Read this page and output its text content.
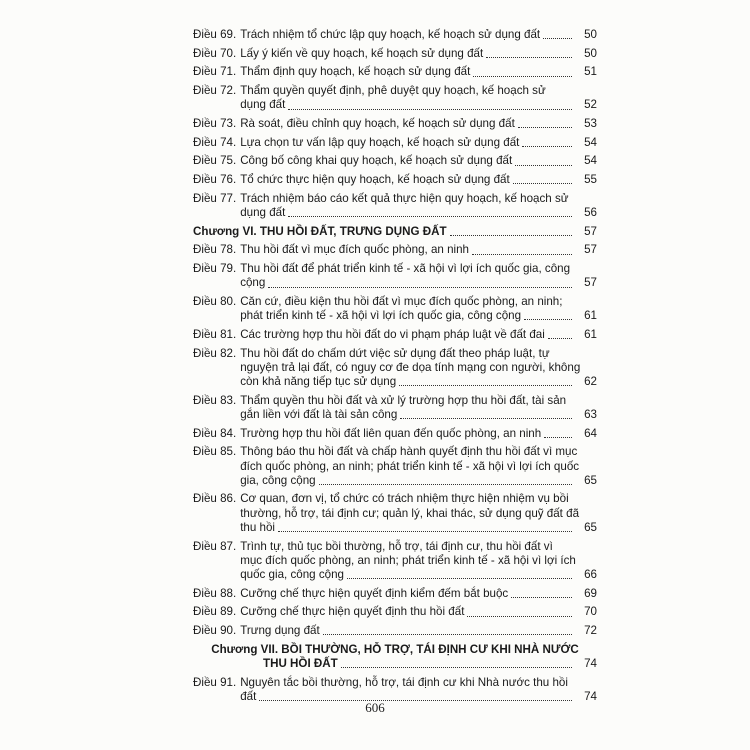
Điều 69. Trách nhiệm tổ chức lập quy hoạch, kế hoạch sử dụng đất	50
Điều 70. Lấy ý kiến về quy hoạch, kế hoạch sử dụng đất	50
Điều 71. Thẩm định quy hoạch, kế hoạch sử dụng đất	51
Điều 72. Thẩm quyền quyết định, phê duyệt quy hoạch, kế hoạch sử
dụng đất	52
Điều 73. Rà soát, điều chỉnh quy hoạch, kế hoạch sử dụng đất	53
Điều 74. Lựa chọn tư vấn lập quy hoạch, kế hoạch sử dụng đất	54
Điều 75. Công bố công khai quy hoạch, kế hoạch sử dụng đất	54
Điều 76. Tổ chức thực hiện quy hoạch, kế hoạch sử dụng đất	55
Điều 77. Trách nhiệm báo cáo kết quả thực hiện quy hoạch, kế hoạch sử
dụng đất	56
Chương VI. THU HỒI ĐẤT, TRƯNG DỤNG ĐẤT	57
Điều 78. Thu hồi đất vì mục đích quốc phòng, an ninh	57
Điều 79. Thu hồi đất để phát triển kinh tế - xã hội vì lợi ích quốc gia, công
cộng	57
Điều 80. Căn cứ, điều kiện thu hồi đất vì mục đích quốc phòng, an ninh;
phát triển kinh tế - xã hội vì lợi ích quốc gia, công cộng	61
Điều 81. Các trường hợp thu hồi đất do vi phạm pháp luật về đất đai	61
Điều 82. Thu hồi đất do chấm dứt việc sử dụng đất theo pháp luật, tự
nguyện trả lại đất, có nguy cơ đe dọa tính mạng con người, không
còn khả năng tiếp tục sử dụng	62
Điều 83. Thẩm quyền thu hồi đất và xử lý trường hợp thu hồi đất, tài sản
gắn liền với đất là tài sản công	63
Điều 84. Trường hợp thu hồi đất liên quan đến quốc phòng, an ninh	64
Điều 85. Thông báo thu hồi đất và chấp hành quyết định thu hồi đất vì mục
đích quốc phòng, an ninh; phát triển kinh tế - xã hội vì lợi ích quốc
gia, công cộng	65
Điều 86. Cơ quan, đơn vị, tổ chức có trách nhiệm thực hiện nhiệm vụ bồi
thường, hỗ trợ, tái định cư; quản lý, khai thác, sử dụng quỹ đất đã
thu hồi	65
Điều 87. Trình tự, thủ tục bồi thường, hỗ trợ, tái định cư, thu hồi đất vì
mục đích quốc phòng, an ninh; phát triển kinh tế - xã hội vì lợi ích
quốc gia, công cộng	66
Điều 88. Cưỡng chế thực hiện quyết định kiểm đếm bắt buộc	69
Điều 89. Cưỡng chế thực hiện quyết định thu hồi đất	70
Điều 90. Trưng dụng đất	72
Chương VII. BỒI THƯỜNG, HỖ TRỢ, TÁI ĐỊNH CƯ KHI NHÀ NƯỚC
THU HỒI ĐẤT	74
Điều 91. Nguyên tắc bồi thường, hỗ trợ, tái định cư khi Nhà nước thu hồi
đất	74
606
